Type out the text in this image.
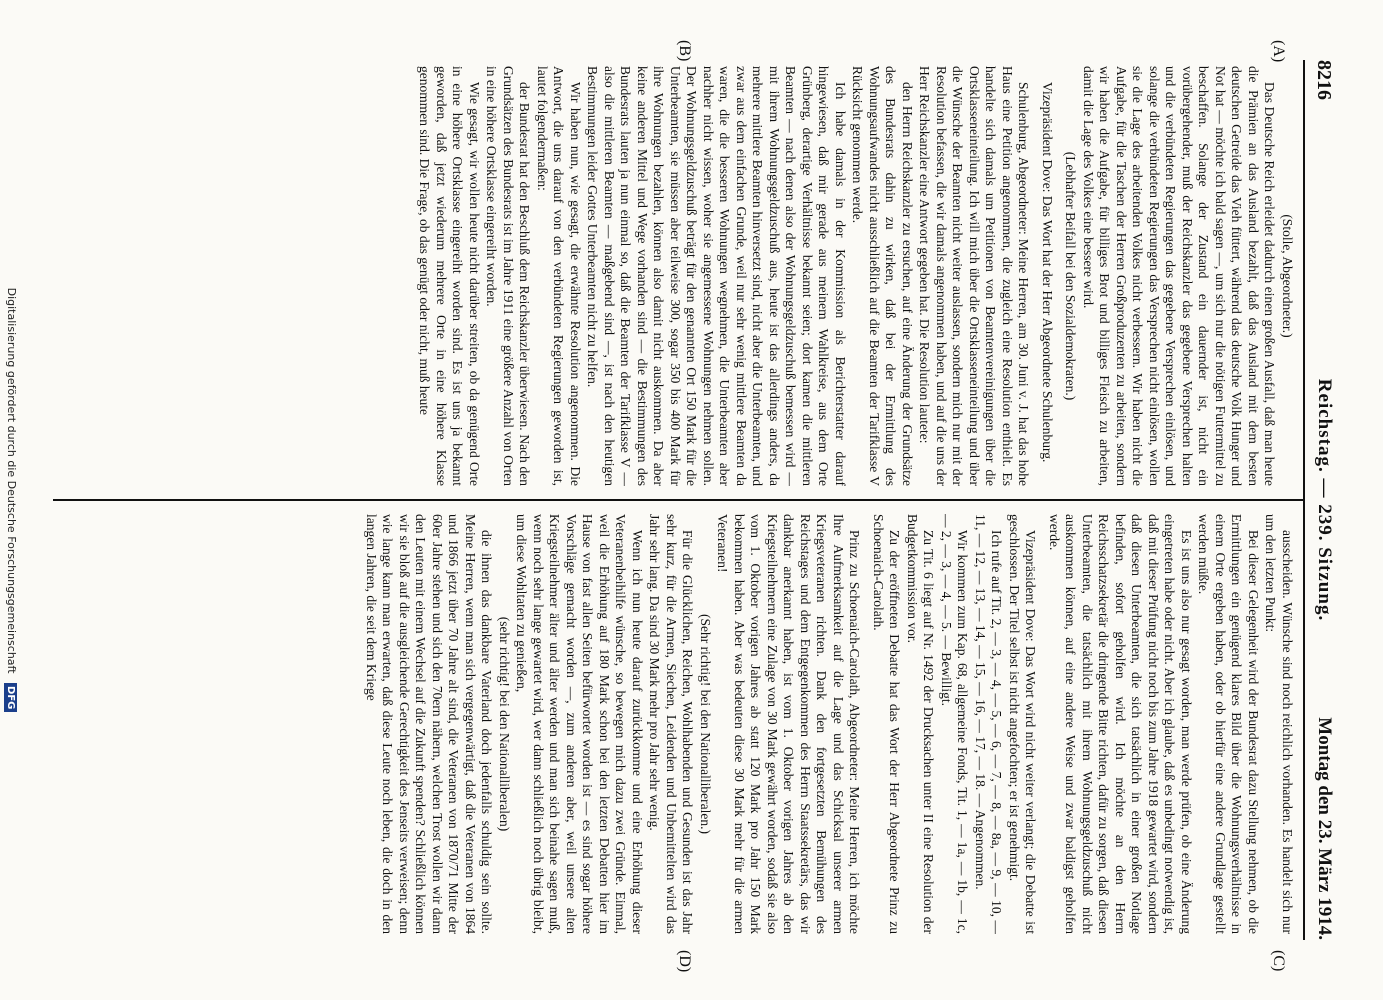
8216
Reichstag. — 239. Sitzung.
Montag den 23. März 1914.
(A)
(B)
(C)
(D)

(Stolle, Abgeordneter.)

Das Deutsche Reich erleidet dadurch einen großen Ausfall, daß man heute die Prämien an das Ausland bezahlt, daß das Ausland mit dem besten deutschen Getreide das Vieh füttert, während das deutsche Volk Hunger und Not hat — möchte ich bald sagen —, um sich nur die nötigen Futtermittel zu beschaffen. Solange der Zustand ein dauernder ist, nicht ein vorübergehender, muß der Reichskanzler das gegebene Versprechen halten und die verbündeten Regierungen das gegebene Versprechen einlösen, und solange die verbündeten Regierungen das Versprechen nicht einlösen, wollen sie die Lage des arbeitenden Volkes nicht verbessern. Wir haben nicht die Aufgabe, für die Taschen der Herren Großproduzenten zu arbeiten, sondern wir haben die Aufgabe, für billiges Brot und billiges Fleisch zu arbeiten, damit die Lage des Volkes eine bessere wird.

(Lebhafter Beifall bei den Sozialdemokraten.)

Vizepräsident Dove: Das Wort hat der Herr Abgeordnete Schulenburg.

Schulenburg, Abgeordneter: Meine Herren, am 30. Juni v. J. hat das hohe Haus eine Petition angenommen, die zugleich eine Resolution enthielt. Es handelte sich damals um Petitionen von Beamtenvereinigungen über die Ortsklasseneinteilung. Ich will mich über die Ortsklasseneinteilung und über die Wünsche der Beamten nicht weiter auslassen, sondern mich nur mit der Resolution befassen, die wir damals angenommen haben, und auf die uns der Herr Reichskanzler eine Antwort gegeben hat. Die Resolution lautete:

den Herrn Reichskanzler zu ersuchen, auf eine Änderung der Grundsätze des Bundesrats dahin zu wirken, daß bei der Ermittlung des Wohnungsaufwandes nicht ausschließlich auf die Beamten der Tarifklasse V Rücksicht genommen werde.

Ich habe damals in der Kommission als Berichterstatter darauf hingewiesen, daß mir gerade aus meinem Wahlkreise, aus dem Orte Grünberg, derartige Verhältnisse bekannt seien; dort kamen die mittleren Beamten — nach denen also der Wohnungsgeldzuschuß bemessen wird — mit ihrem Wohnungsgeldzuschuß aus, heute ist das allerdings anders, da mehrere mittlere Beamten hinversetzt sind, nicht aber die Unterbeamten, und zwar aus dem einfachen Grunde, weil nur sehr wenig mittlere Beamten da waren, die die besseren Wohnungen wegnehmen, die Unterbeamten aber nachher nicht wissen, woher sie angemessene Wohnungen nehmen sollen. Der Wohnungsgeldzuschuß beträgt für den genannten Ort 150 Mark für die Unterbeamten, sie müssen aber teilweise 300, sogar 350 bis 400 Mark für ihre Wohnungen bezahlen, können also damit nicht auskommen. Da aber keine anderen Mittel und Wege vorhanden sind — die Bestimmungen des Bundesrats lauten ja nun einmal so, daß die Beamten der Tarifklasse V — also die mittleren Beamten — maßgebend sind —, ist nach den heutigen Bestimmungen leider Gottes Unterbeamten nicht zu helfen.

Wir haben nun, wie gesagt, die erwähnte Resolution angenommen. Die Antwort, die uns darauf von den verbündeten Regierungen geworden ist, lautet folgendermaßen:

der Bundesrat hat den Beschluß dem Reichskanzler überwiesen. Nach den Grundsätzen des Bundesrats ist im Jahre 1911 eine größere Anzahl von Orten in eine höhere Ortsklasse eingereiht worden.

Wie gesagt, wir wollen heute nicht darüber streiten, ob da genügend Orte in eine höhere Ortsklasse eingereiht worden sind. Es ist uns ja bekannt geworden, daß jetzt wiederum mehrere Orte in eine höhere Klasse genommen sind. Die Frage, ob das genügt oder nicht, muß heute

ausscheiden. Wünsche sind noch reichlich vorhanden. Es handelt sich nur um den letzten Punkt:

Bei dieser Gelegenheit wird der Bundesrat dazu Stellung nehmen, ob die Ermittlungen ein genügend klares Bild über die Wohnungsverhältnisse in einem Orte ergeben haben, oder ob hierfür eine andere Grundlage gestellt werden müßte.

Es ist uns also nur gesagt worden, man werde prüfen, ob eine Änderung eingetreten habe oder nicht. Aber ich glaube, daß es unbedingt notwendig ist, daß mit dieser Prüfung nicht noch bis zum Jahre 1918 gewartet wird, sondern daß diesen Unterbeamten, die sich tatsächlich in einer großen Notlage befinden, sofort geholfen wird. Ich möchte an den Herrn Reichsschatzsekretär die dringende Bitte richten, dafür zu sorgen, daß diesen Unterbeamten, die tatsächlich mit ihrem Wohnungsgeldzuschuß nicht auskommen können, auf eine andere Weise und zwar baldigst geholfen werde.

Vizepräsident Dove: Das Wort wird nicht weiter verlangt; die Debatte ist geschlossen. Der Titel selbst ist nicht angefochten; er ist genehmigt.

Ich rufe auf Tit. 2, — 3, — 4, — 5, — 6, — 7, — 8, — 8a, — 9, — 10, — 11, — 12, — 13, — 14, — 15, — 16, — 17, — 18. — Angenommen.

Wir kommen zum Kap. 68, allgemeine Fonds, Tit. 1, — 1a, — 1b, — 1c, — 2, — 3, — 4, — 5. — Bewilligt.

Zu Tit. 6 liegt auf Nr. 1492 der Drucksachen unter II eine Resolution der Budgetkommission vor.

Zu der eröffneten Debatte hat das Wort der Herr Abgeordnete Prinz zu Schoenaich-Carolath.

Prinz zu Schoenaich-Carolath, Abgeordneter: Meine Herren, ich möchte Ihre Aufmerksamkeit auf die Lage und das Schicksal unserer armen Kriegsveteranen richten. Dank den fortgesetzten Bemühungen des Reichstages und dem Entgegenkommen des Herrn Staatssekretärs, das wir dankbar anerkannt haben, ist vom 1. Oktober vorigen Jahres ab den Kriegsteilnehmern eine Zulage von 30 Mark gewährt worden, sodaß sie also vom 1. Oktober vorigen Jahres ab statt 120 Mark pro Jahr 150 Mark bekommen haben. Aber was bedeuten diese 30 Mark mehr für die armen Veteranen!

(Sehr richtig! bei den Nationalliberalen.)

Für die Glücklichen, Reichen, Wohlhabenden und Gesunden ist das Jahr sehr kurz, für die Armen, Siechen, Leidenden und Unbemittelten wird das Jahr sehr lang. Da sind 30 Mark mehr pro Jahr sehr wenig.

Wenn ich nun heute darauf zurückkomme und eine Erhöhung dieser Veteranenbeihilfe wünsche, so bewegen mich dazu zwei Gründe. Einmal, weil die Erhöhung auf 180 Mark schon bei den letzten Debatten hier im Hause von fast allen Seiten befürwortet worden ist — es sind sogar höhere Vorschläge gemacht worden —, zum anderen aber, weil unsere alten Kriegsteilnehmer älter und älter werden und man sich beinahe sagen muß, wenn noch sehr lange gewartet wird, wer dann schließlich noch übrig bleibt, um diese Wohltaten zu genießen,

(sehr richtig! bei den Nationalliberalen)

die ihnen das dankbare Vaterland doch jedenfalls schuldig sein sollte. Meine Herren, wenn man sich vergegenwärtigt, daß die Veteranen von 1864 und 1866 jetzt über 70 Jahre alt sind, die Veteranen von 1870/71 Mitte der 60er Jahre stehen und sich den 70ern nähern, welchen Trost wollen wir dann den Leuten mit einem Wechsel auf die Zukunft spenden? Schließlich können wir sie bloß auf die ausgleichende Gerechtigkeit des Jenseits verweisen; denn wie lange kann man erwarten, daß diese Leute noch leben, die doch in den langen Jahren, die seit dem Kriege

Digitalisierung gefördert durch die Deutsche Forschungsgemeinschaft DFG
